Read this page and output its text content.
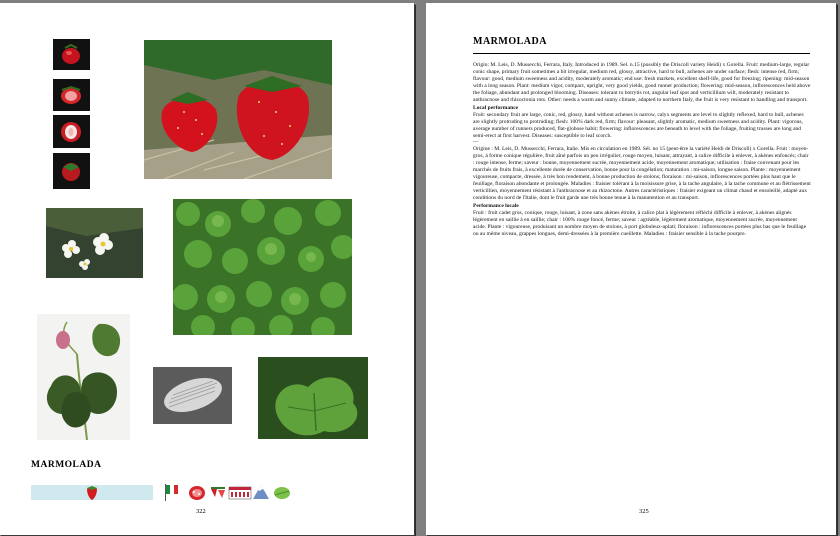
MARMOLADA
322
MARMOLADA

Origin: M. Leis, D. Mussecchi, Ferrara, Italy. Introduced in 1989. Sel. n.15 (possibly the Driscoll variety Heidi) x Gorella. Fruit: medium-large, regular conic shape, primary fruit sometimes a bit irregular, medium red, glossy, attractive, hard to bull, achenes are under surface; flesh: intense red, firm; flavour: good, medium sweetness and acidity, moderately aromatic; end use: fresh markets, excellent shelf-life, good for freezing; ripening: mid-season with a long season. Plant: medium vigor, compact, upright, very good yields, good runner production; flowering: mid-season, inflorescences held above the foliage, abundant and prolonged blooming. Diseases: tolerant to botrytis rot, angular leaf spot and verticillium wilt, moderately resistant to anthracnose and rhizoctonia rots. Other: needs a warm and sunny climate, adapted to northern Italy, the fruit is very resistant to handling and transport.

Local performance

Fruit: secondary fruit are large, conic, red, glossy, hand without achenes is narrow, calyx segments are level to slightly reflexed, hard to bull, achenes are slightly protruding to protruding; flesh: 100% dark red, firm; flavour: pleasant, slightly aromatic, medium sweetness and acidity. Plant: vigorous, average number of runners produced, flat-globose habit; flowering: inflorescences are beneath to level with the foliage, fruiting trusses are long and semi-erect at first harvest. Diseases: susceptible to leaf scorch.

—

Origine : M. Leis, D. Mussecchi, Ferrara, Italie. Mis en circulation en 1989. Sél. no 15 (peut-être la variété Heidi de Driscoll) x Gorella. Fruit : moyen-gros, à forme conique régulière, fruit aîné parfois un peu irrégulier, rouge moyen, luisant, attrayant, à calice difficile à enlever, à akènes enfoncés; chair : rouge intense, ferme; saveur : bonne, moyennement sucrée, moyennement acide, moyennement aromatique; utilisation : fraise convenant pour les marchés de fruits frais, à excellente durée de conservation, bonne pour la congélation; maturation : mi-saison, longue saison. Plante : moyennement vigoureuse, compacte, dressée, à très bon rendement, à bonne production de stolons; floraison : mi-saison, inflorescences portées plus haut que le feuillage, floraison abondante et prolongée. Maladies : fraisier tolérant à la moisissure grise, à la tache angulaire, à la tache commune et au flétrissement verticillien, moyennement résistant à l'anthracnose et au rhizoctone. Autres caractéristiques : fraisier exigeant un climat chaud et ensoleillé, adapté aux conditions du nord de l'Italie, dont le fruit garde une très bonne tenue à la manutention et au transport.

Performance locale

Fruit : fruit cadet gros, conique, rouge, luisant, à zone sans akènes étroite, à calice plat à légèrement réfléchi difficile à enlever, à akènes alignés légèrement en saillie à en saillie; chair : 100% rouge foncé, ferme; saveur : agréable, légèrement aromatique, moyennement sucrée, moyennement acide. Plante : vigoureuse, produisant un nombre moyen de stolons, à port globuleux-aplati; floraison : inflorescences portées plus bas que le feuillage ou au même niveau, grappes longues, demi-dressées à la première cueillette. Maladies : fraisier sensible à la tache pourpre.

325
